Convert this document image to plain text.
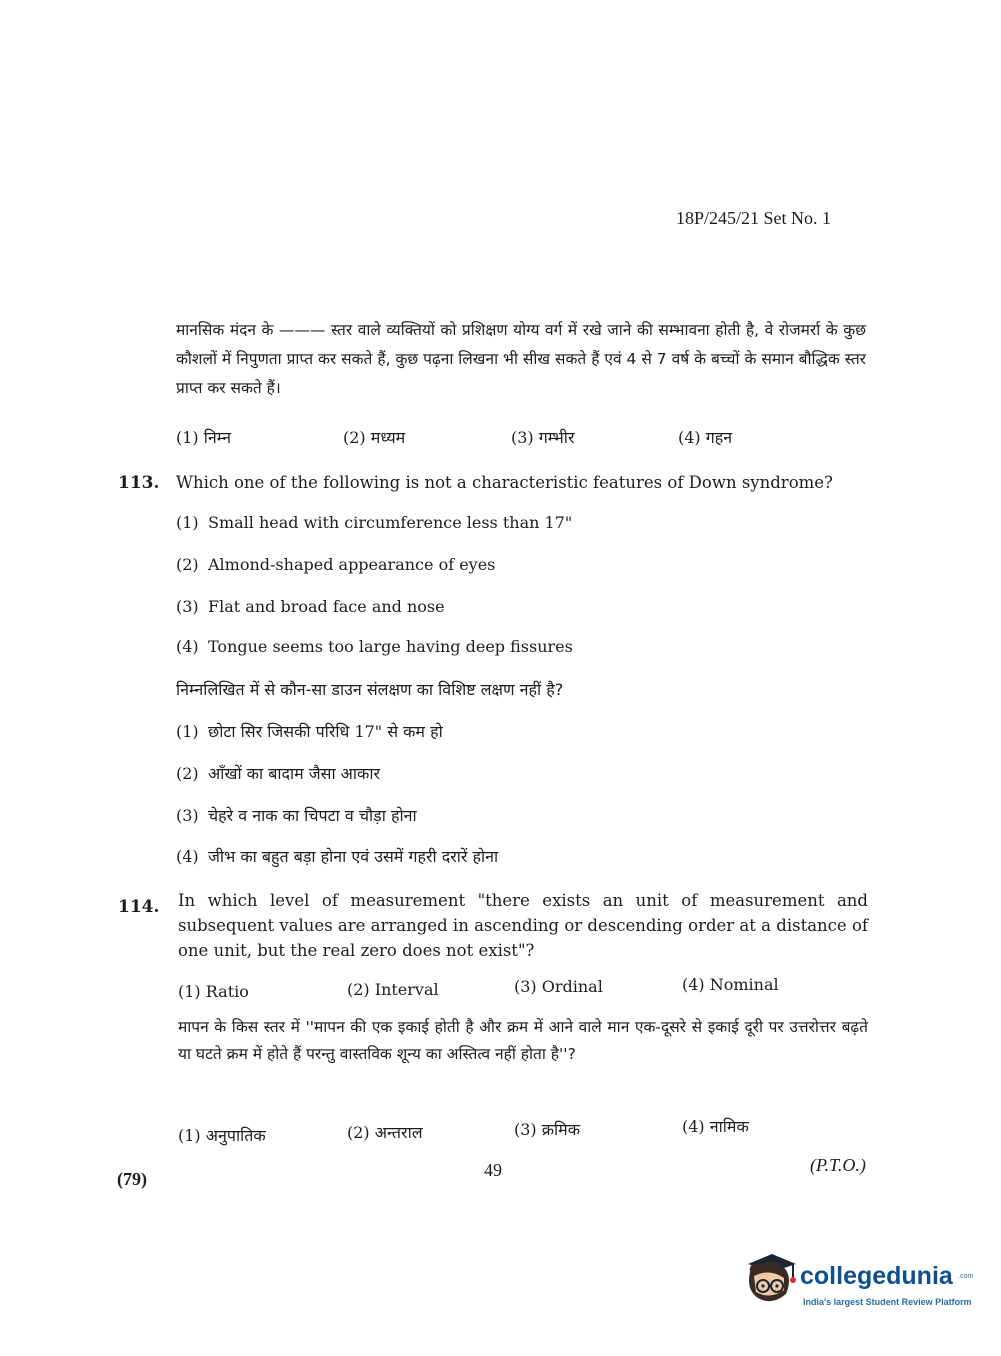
18P/245/21 Set No. 1
मानसिक मंदन के ——— स्तर वाले व्यक्तियों को प्रशिक्षण योग्य वर्ग में रखे जाने की सम्भावना होती है, वे रोजमर्रा के कुछ कौशलों में निपुणता प्राप्त कर सकते हैं, कुछ पढ़ना लिखना भी सीख सकते हैं एवं 4 से 7 वर्ष के बच्चों के समान बौद्धिक स्तर प्राप्त कर सकते हैं।
(1) निम्न	(2) मध्यम	(3) गम्भीर	(4) गहन
113. Which one of the following is not a characteristic features of Down syndrome?
(1) Small head with circumference less than 17"
(2) Almond-shaped appearance of eyes
(3) Flat and broad face and nose
(4) Tongue seems too large having deep fissures
निम्नलिखित में से कौन-सा डाउन संलक्षण का विशिष्ट लक्षण नहीं है?
(1) छोटा सिर जिसकी परिधि 17" से कम हो
(2) आँखों का बादाम जैसा आकार
(3) चेहरे व नाक का चिपटा व चौड़ा होना
(4) जीभ का बहुत बड़ा होना एवं उसमें गहरी दरारें होना
114. In which level of measurement "there exists an unit of measurement and subsequent values are arranged in ascending or descending order at a distance of one unit, but the real zero does not exist"?
(1) Ratio	(2) Interval	(3) Ordinal	(4) Nominal
मापन के किस स्तर में ''मापन की एक इकाई होती है और क्रम में आने वाले मान एक-दूसरे से इकाई दूरी पर उत्तरोत्तर बढ़ते या घटते क्रम में होते हैं परन्तु वास्तविक शून्य का अस्तित्व नहीं होता है''?
(1) अनुपातिक	(2) अन्तराल	(3) क्रमिक	(4) नामिक
(79)	49	(P.T.O.)
collegedunia .com
India's largest Student Review Platform
